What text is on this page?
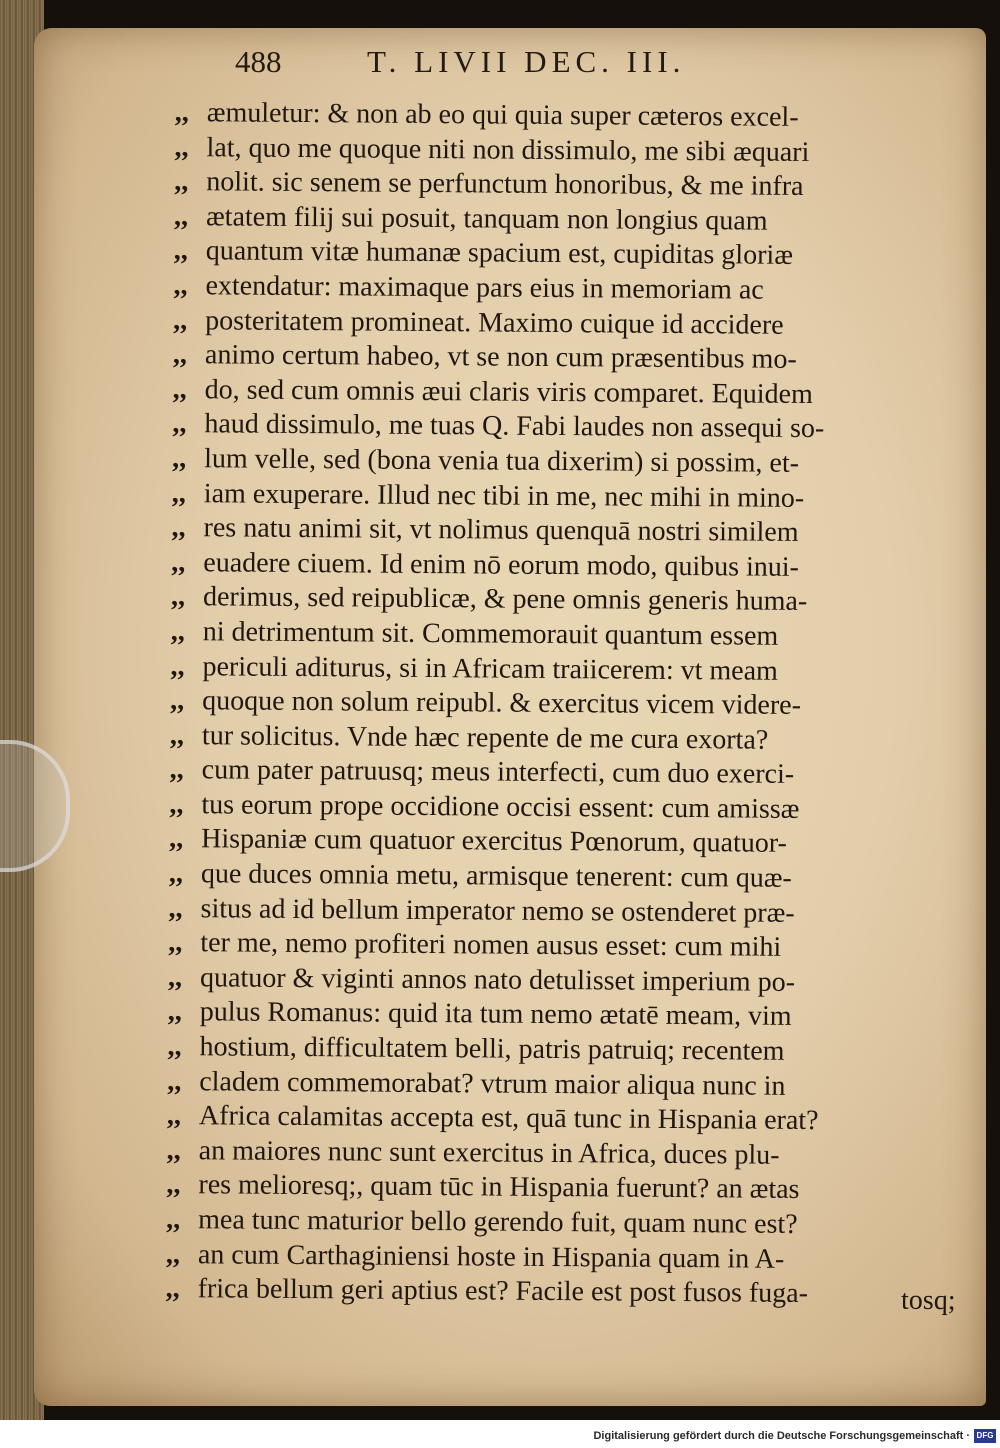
488	T. LIVII DEC. III.
,, æmuletur: & non ab eo qui quia super cæteros excel-
,, lat, quo me quoque niti non dissimulo, me sibi æquari
,, nolit. sic senem se perfunctum honoribus, & me infra
,, ætatem filij sui posuit, tanquam non longius quam
,, quantum vitæ humanæ spacium est, cupiditas gloriæ
,, extendatur: maximaque pars eius in memoriam ac
,, posteritatem promineat. Maximo cuique id accidere
,, animo certum habeo, vt se non cum præsentibus mo-
,, do, sed cum omnis æui claris viris comparet. Equidem
,, haud dissimulo, me tuas Q. Fabi laudes non assequi so-
,, lum velle, sed (bona venia tua dixerim) si possim, et-
,, iam exuperare. Illud nec tibi in me, nec mihi in mino-
,, res natu animi sit, vt nolimus quenquā nostri similem
,, euadere ciuem. Id enim nō eorum modo, quibus inui-
,, derimus, sed reipublicæ, & pene omnis generis huma-
,, ni detrimentum sit. Commemorauit quantum essem
,, periculi aditurus, si in Africam traiicerem: vt meam
,, quoque non solum reipubl. & exercitus vicem videre-
,, tur solicitus. Vnde hæc repente de me cura exorta?
,, cum pater patruusq; meus interfecti, cum duo exerci-
,, tus eorum prope occidione occisi essent: cum amissæ
,, Hispaniæ cum quatuor exercitus Pœnorum, quatuor-
,, que duces omnia metu, armisque tenerent: cum quæ-
,, situs ad id bellum imperator nemo se ostenderet præ-
,, ter me, nemo profiteri nomen ausus esset: cum mihi
,, quatuor & viginti annos nato detulisset imperium po-
,, pulus Romanus: quid ita tum nemo ætatē meam, vim
,, hostium, difficultatem belli, patris patruiq; recentem
,, cladem commemorabat? vtrum maior aliqua nunc in
,, Africa calamitas accepta est, quā tunc in Hispania erat?
,, an maiores nunc sunt exercitus in Africa, duces plu-
,, res melioresq;, quam tūc in Hispania fuerunt? an ætas
,, mea tunc maturior bello gerendo fuit, quam nunc est?
,, an cum Carthaginiensi hoste in Hispania quam in A-
,, frica bellum geri aptius est? Facile est post fusos fuga-	tosq;
Digitalisierung gefördert durch die Deutsche Forschungsgemeinschaft · DFG
